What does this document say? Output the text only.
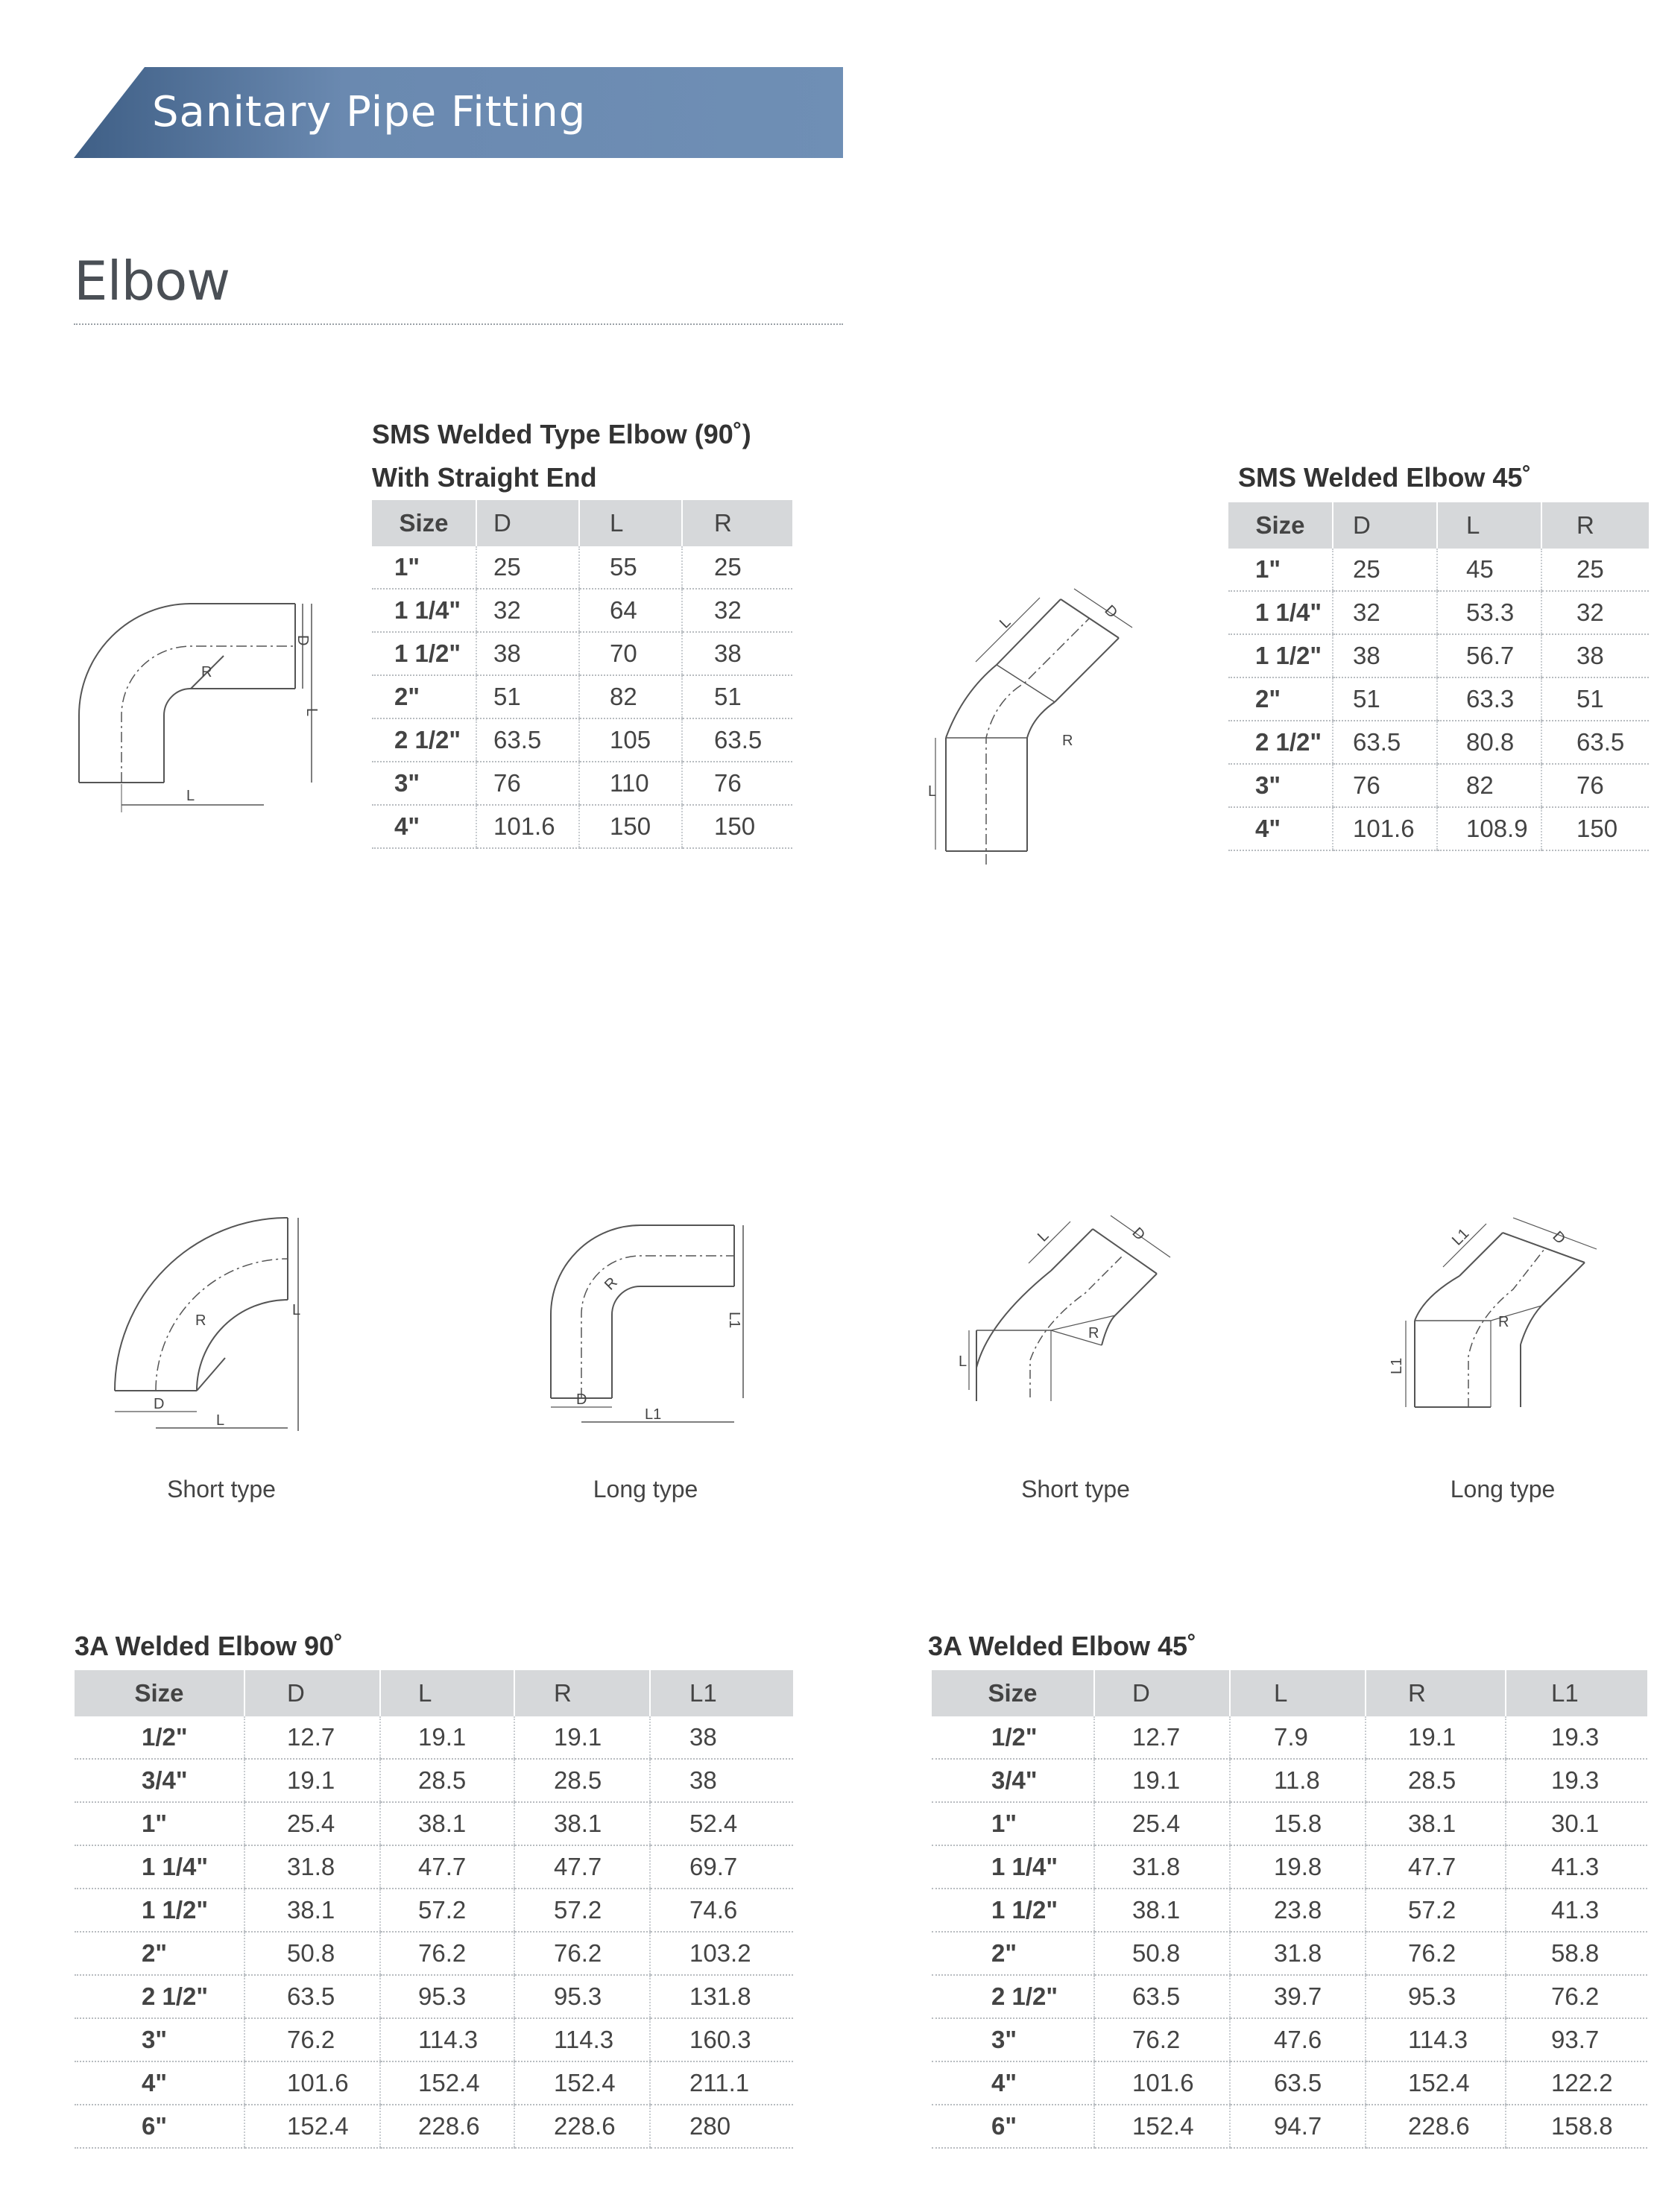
Sanitary Pipe Fitting
Elbow
SMS Welded Type Elbow (90˚)
With Straight End
Size	D	L	R

1"	25	55	25

1 1/4"	32	64	32

1 1/2"	38	70	38

2"	51	82	51

2 1/2"	63.5	105	63.5

3"	76	110	76

4"	101.6	150	150
SMS Welded Elbow 45˚
Size	D	L	R

1"	25	45	25

1 1/4"	32	53.3	32

1 1/2"	38	56.7	38

2"	51	63.3	51

2 1/2"	63.5	80.8	63.5

3"	76	82	76

4"	101.6	108.9	150
D
L
R
L
L
D
R
L
L
R
D
L
L1
R
D
L1
L	D
R
L
L1	D
R
L1
Short type	Long type	Short type	Long type
3A Welded Elbow 90˚
Size	D	L	R	L1

1/2"	12.7	19.1	19.1	38

3/4"	19.1	28.5	28.5	38

1"	25.4	38.1	38.1	52.4

1 1/4"	31.8	47.7	47.7	69.7

1 1/2"	38.1	57.2	57.2	74.6

2"	50.8	76.2	76.2	103.2

2 1/2"	63.5	95.3	95.3	131.8

3"	76.2	114.3	114.3	160.3

4"	101.6	152.4	152.4	211.1

6"	152.4	228.6	228.6	280
3A Welded Elbow 45˚
Size	D	L	R	L1

1/2"	12.7	7.9	19.1	19.3

3/4"	19.1	11.8	28.5	19.3

1"	25.4	15.8	38.1	30.1

1 1/4"	31.8	19.8	47.7	41.3

1 1/2"	38.1	23.8	57.2	41.3

2"	50.8	31.8	76.2	58.8

2 1/2"	63.5	39.7	95.3	76.2

3"	76.2	47.6	114.3	93.7

4"	101.6	63.5	152.4	122.2

6"	152.4	94.7	228.6	158.8
